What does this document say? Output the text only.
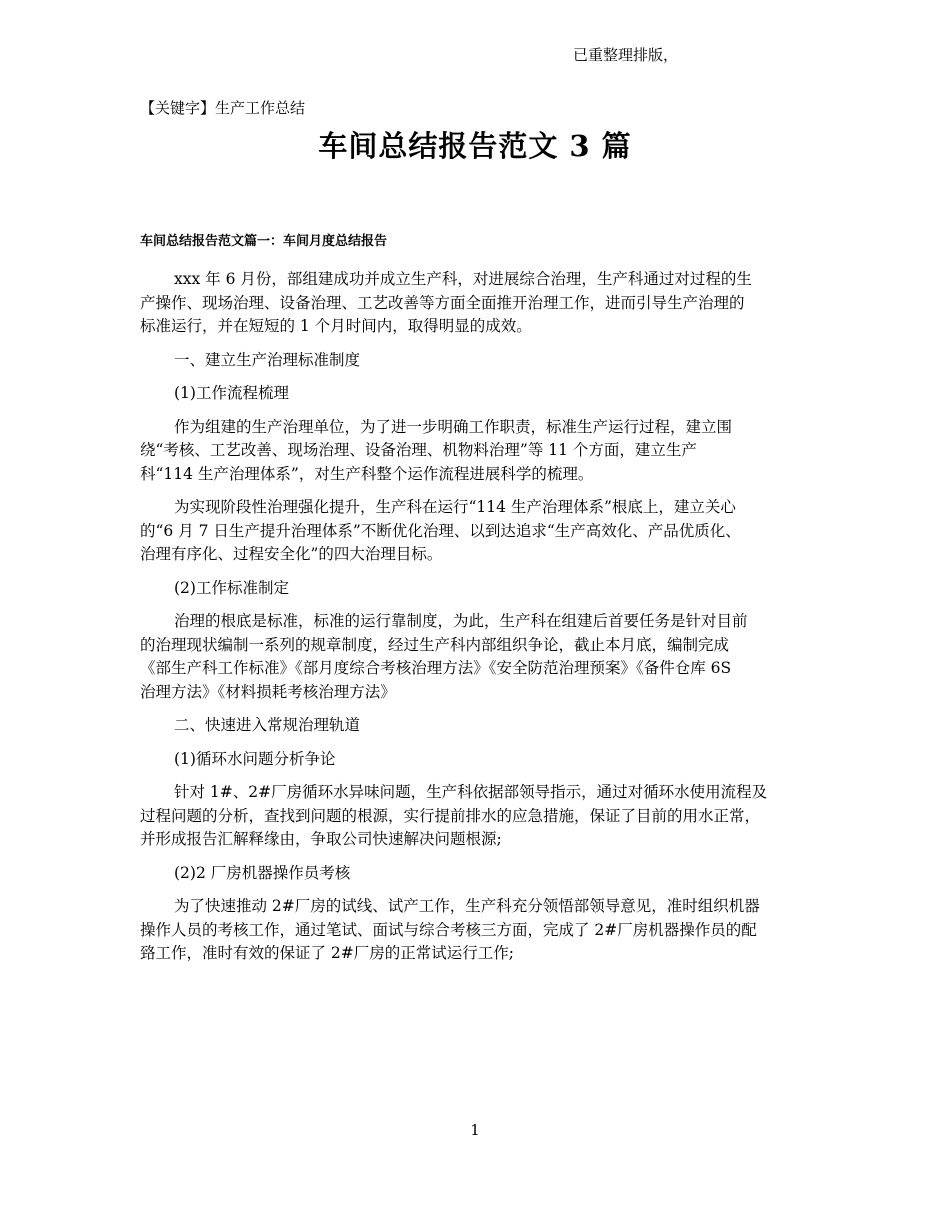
已重整理排版，
【关键字】生产工作总结
车间总结报告范文 3 篇
车间总结报告范文篇一：车间月度总结报告

xxx 年 6 月份，部组建成功并成立生产科，对进展综合治理，生产科通过对过程的生
产操作、现场治理、设备治理、工艺改善等方面全面推开治理工作，进而引导生产治理的
标准运行，并在短短的 1 个月时间内，取得明显的成效。

一、建立生产治理标准制度

(1)工作流程梳理

作为组建的生产治理单位，为了进一步明确工作职责，标准生产运行过程，建立围
绕“考核、工艺改善、现场治理、设备治理、机物料治理”等 11 个方面，建立生产
科“114 生产治理体系”，对生产科整个运作流程进展科学的梳理。

为实现阶段性治理强化提升，生产科在运行“114 生产治理体系”根底上，建立关心
的“6 月 7 日生产提升治理体系”不断优化治理、以到达追求“生产高效化、产品优质化、
治理有序化、过程安全化”的四大治理目标。

(2)工作标准制定

治理的根底是标准，标准的运行靠制度，为此，生产科在组建后首要任务是针对目前
的治理现状编制一系列的规章制度，经过生产科内部组织争论，截止本月底，编制完成
《部生产科工作标准》《部月度综合考核治理方法》《安全防范治理预案》《备件仓库 6S
治理方法》《材料损耗考核治理方法》

二、快速进入常规治理轨道

(1)循环水问题分析争论

针对 1#、2#厂房循环水异味问题，生产科依据部领导指示，通过对循环水使用流程及
过程问题的分析，查找到问题的根源，实行提前排水的应急措施，保证了目前的用水正常，
并形成报告汇解释缘由，争取公司快速解决问题根源;

(2)2 厂房机器操作员考核

为了快速推动 2#厂房的试线、试产工作，生产科充分领悟部领导意见，准时组织机器
操作人员的考核工作，通过笔试、面试与综合考核三方面，完成了 2#厂房机器操作员的配
臵工作，准时有效的保证了 2#厂房的正常试运行工作;

1
